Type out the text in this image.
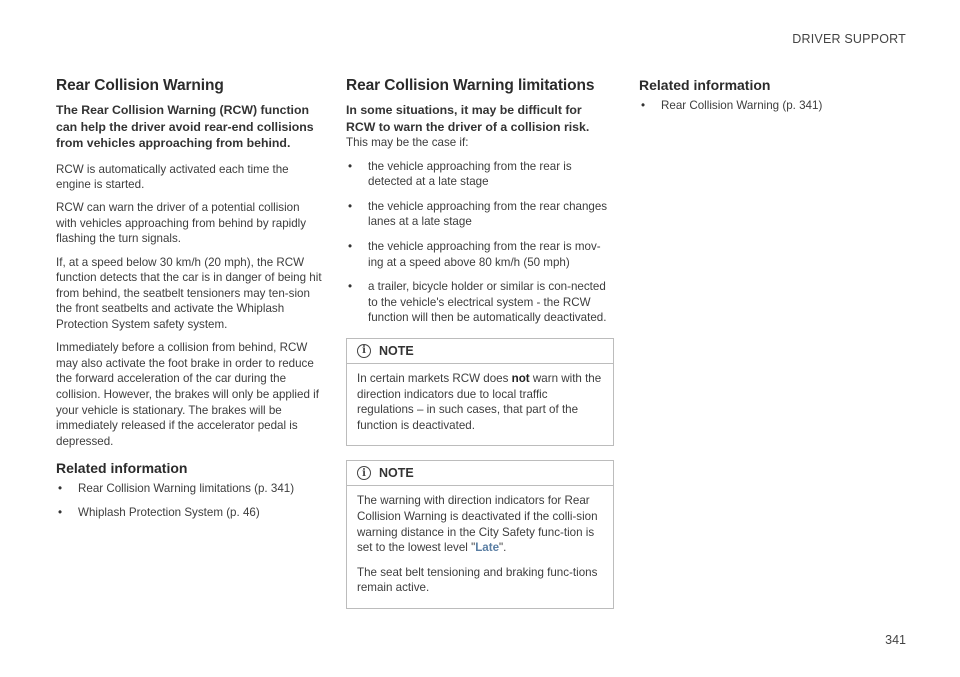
DRIVER SUPPORT
Rear Collision Warning
The Rear Collision Warning (RCW) function can help the driver avoid rear-end collisions from vehicles approaching from behind.

RCW is automatically activated each time the engine is started.

RCW can warn the driver of a potential collision with vehicles approaching from behind by rapidly flashing the turn signals.

If, at a speed below 30 km/h (20 mph), the RCW function detects that the car is in danger of being hit from behind, the seatbelt tensioners may ten-sion the front seatbelts and activate the Whiplash Protection System safety system.

Immediately before a collision from behind, RCW may also activate the foot brake in order to reduce the forward acceleration of the car during the collision. However, the brakes will only be applied if your vehicle is stationary. The brakes will be immediately released if the accelerator pedal is depressed.

Related information
• Rear Collision Warning limitations (p. 341)
• Whiplash Protection System (p. 46)
Rear Collision Warning limitations
In some situations, it may be difficult for RCW to warn the driver of a collision risk.

This may be the case if:

• the vehicle approaching from the rear is detected at a late stage
• the vehicle approaching from the rear changes lanes at a late stage
• the vehicle approaching from the rear is mov-ing at a speed above 80 km/h (50 mph)
• a trailer, bicycle holder or similar is con-nected to the vehicle's electrical system - the RCW function will then be automatically deactivated.
i	NOTE

In certain markets RCW does not warn with the direction indicators due to local traffic regulations – in such cases, that part of the function is deactivated.

i	NOTE

The warning with direction indicators for Rear Collision Warning is deactivated if the colli-sion warning distance in the City Safety func-tion is set to the lowest level "Late".

The seat belt tensioning and braking func-tions remain active.

Related information
• Rear Collision Warning (p. 341)
341
